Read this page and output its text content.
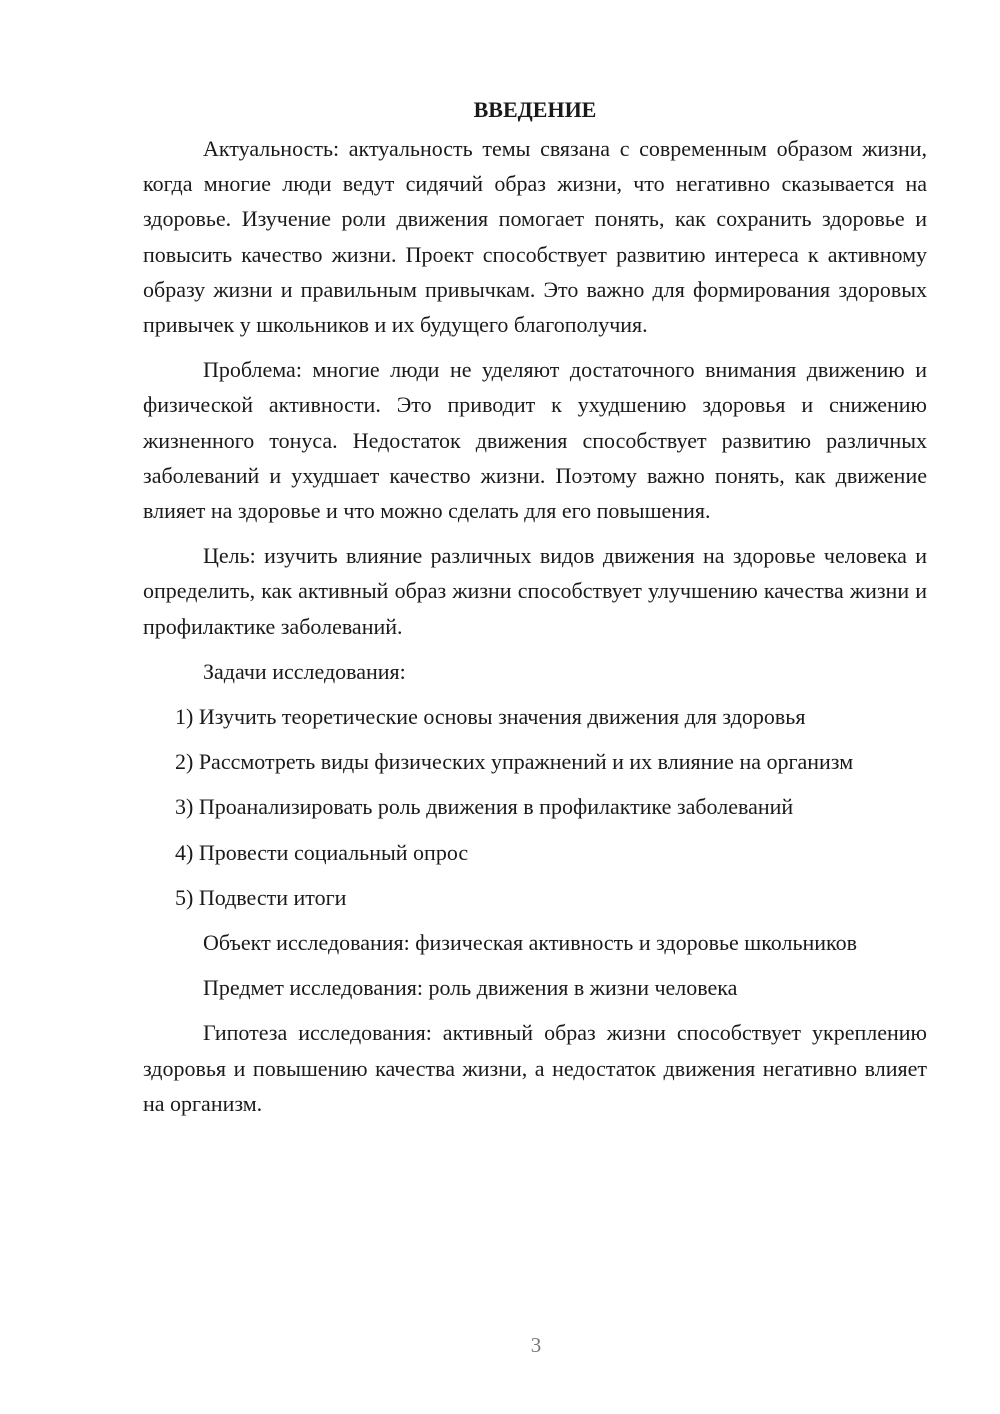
ВВЕДЕНИЕ

Актуальность: актуальность темы связана с современным образом жизни, когда многие люди ведут сидячий образ жизни, что негативно сказывается на здоровье. Изучение роли движения помогает понять, как сохранить здоровье и повысить качество жизни. Проект способствует развитию интереса к активному образу жизни и правильным привычкам. Это важно для формирования здоровых привычек у школьников и их будущего благополучия.

Проблема: многие люди не уделяют достаточного внимания движению и физической активности. Это приводит к ухудшению здоровья и снижению жизненного тонуса. Недостаток движения способствует развитию различных заболеваний и ухудшает качество жизни. Поэтому важно понять, как движение влияет на здоровье и что можно сделать для его повышения.

Цель: изучить влияние различных видов движения на здоровье человека и определить, как активный образ жизни способствует улучшению качества жизни и профилактике заболеваний.

Задачи исследования:

1) Изучить теоретические основы значения движения для здоровья

2) Рассмотреть виды физических упражнений и их влияние на организм

3) Проанализировать роль движения в профилактике заболеваний

4) Провести социальный опрос

5) Подвести итоги

Объект исследования: физическая активность и здоровье школьников

Предмет исследования: роль движения в жизни человека

Гипотеза исследования: активный образ жизни способствует укреплению здоровья и повышению качества жизни, а недостаток движения негативно влияет на организм.

3
